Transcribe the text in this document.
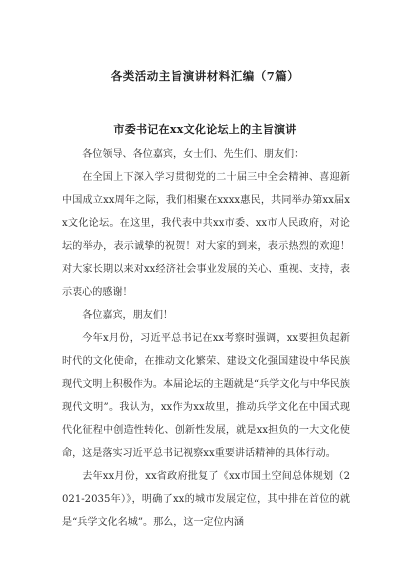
各类活动主旨演讲材料汇编（7篇）
市委书记在xx文化论坛上的主旨演讲

各位领导、各位嘉宾，女士们、先生们、朋友们：

在全国上下深入学习贯彻党的二十届三中全会精神、喜迎新中国成立xx周年之际，我们相聚在xxxx惠民，共同举办第xx届xx文化论坛。在这里，我代表中共xx市委、xx市人民政府，对论坛的举办，表示诚挚的祝贺！对大家的到来，表示热烈的欢迎！对大家长期以来对xx经济社会事业发展的关心、重视、支持，表示衷心的感谢！

各位嘉宾，朋友们！

今年x月份，习近平总书记在xx考察时强调，xx要担负起新时代的文化使命，在推动文化繁荣、建设文化强国建设中华民族现代文明上积极作为。本届论坛的主题就是“兵学文化与中华民族现代文明”。我认为，xx作为xx故里，推动兵学文化在中国式现代化征程中创造性转化、创新性发展，就是xx担负的一大文化使命，这是落实习近平总书记视察xx重要讲话精神的具体行动。

去年xx月份，xx省政府批复了《xx市国土空间总体规划（2021-2035年）》，明确了xx的城市发展定位，其中排在首位的就是“兵学文化名城”。那么，这一定位内涵
